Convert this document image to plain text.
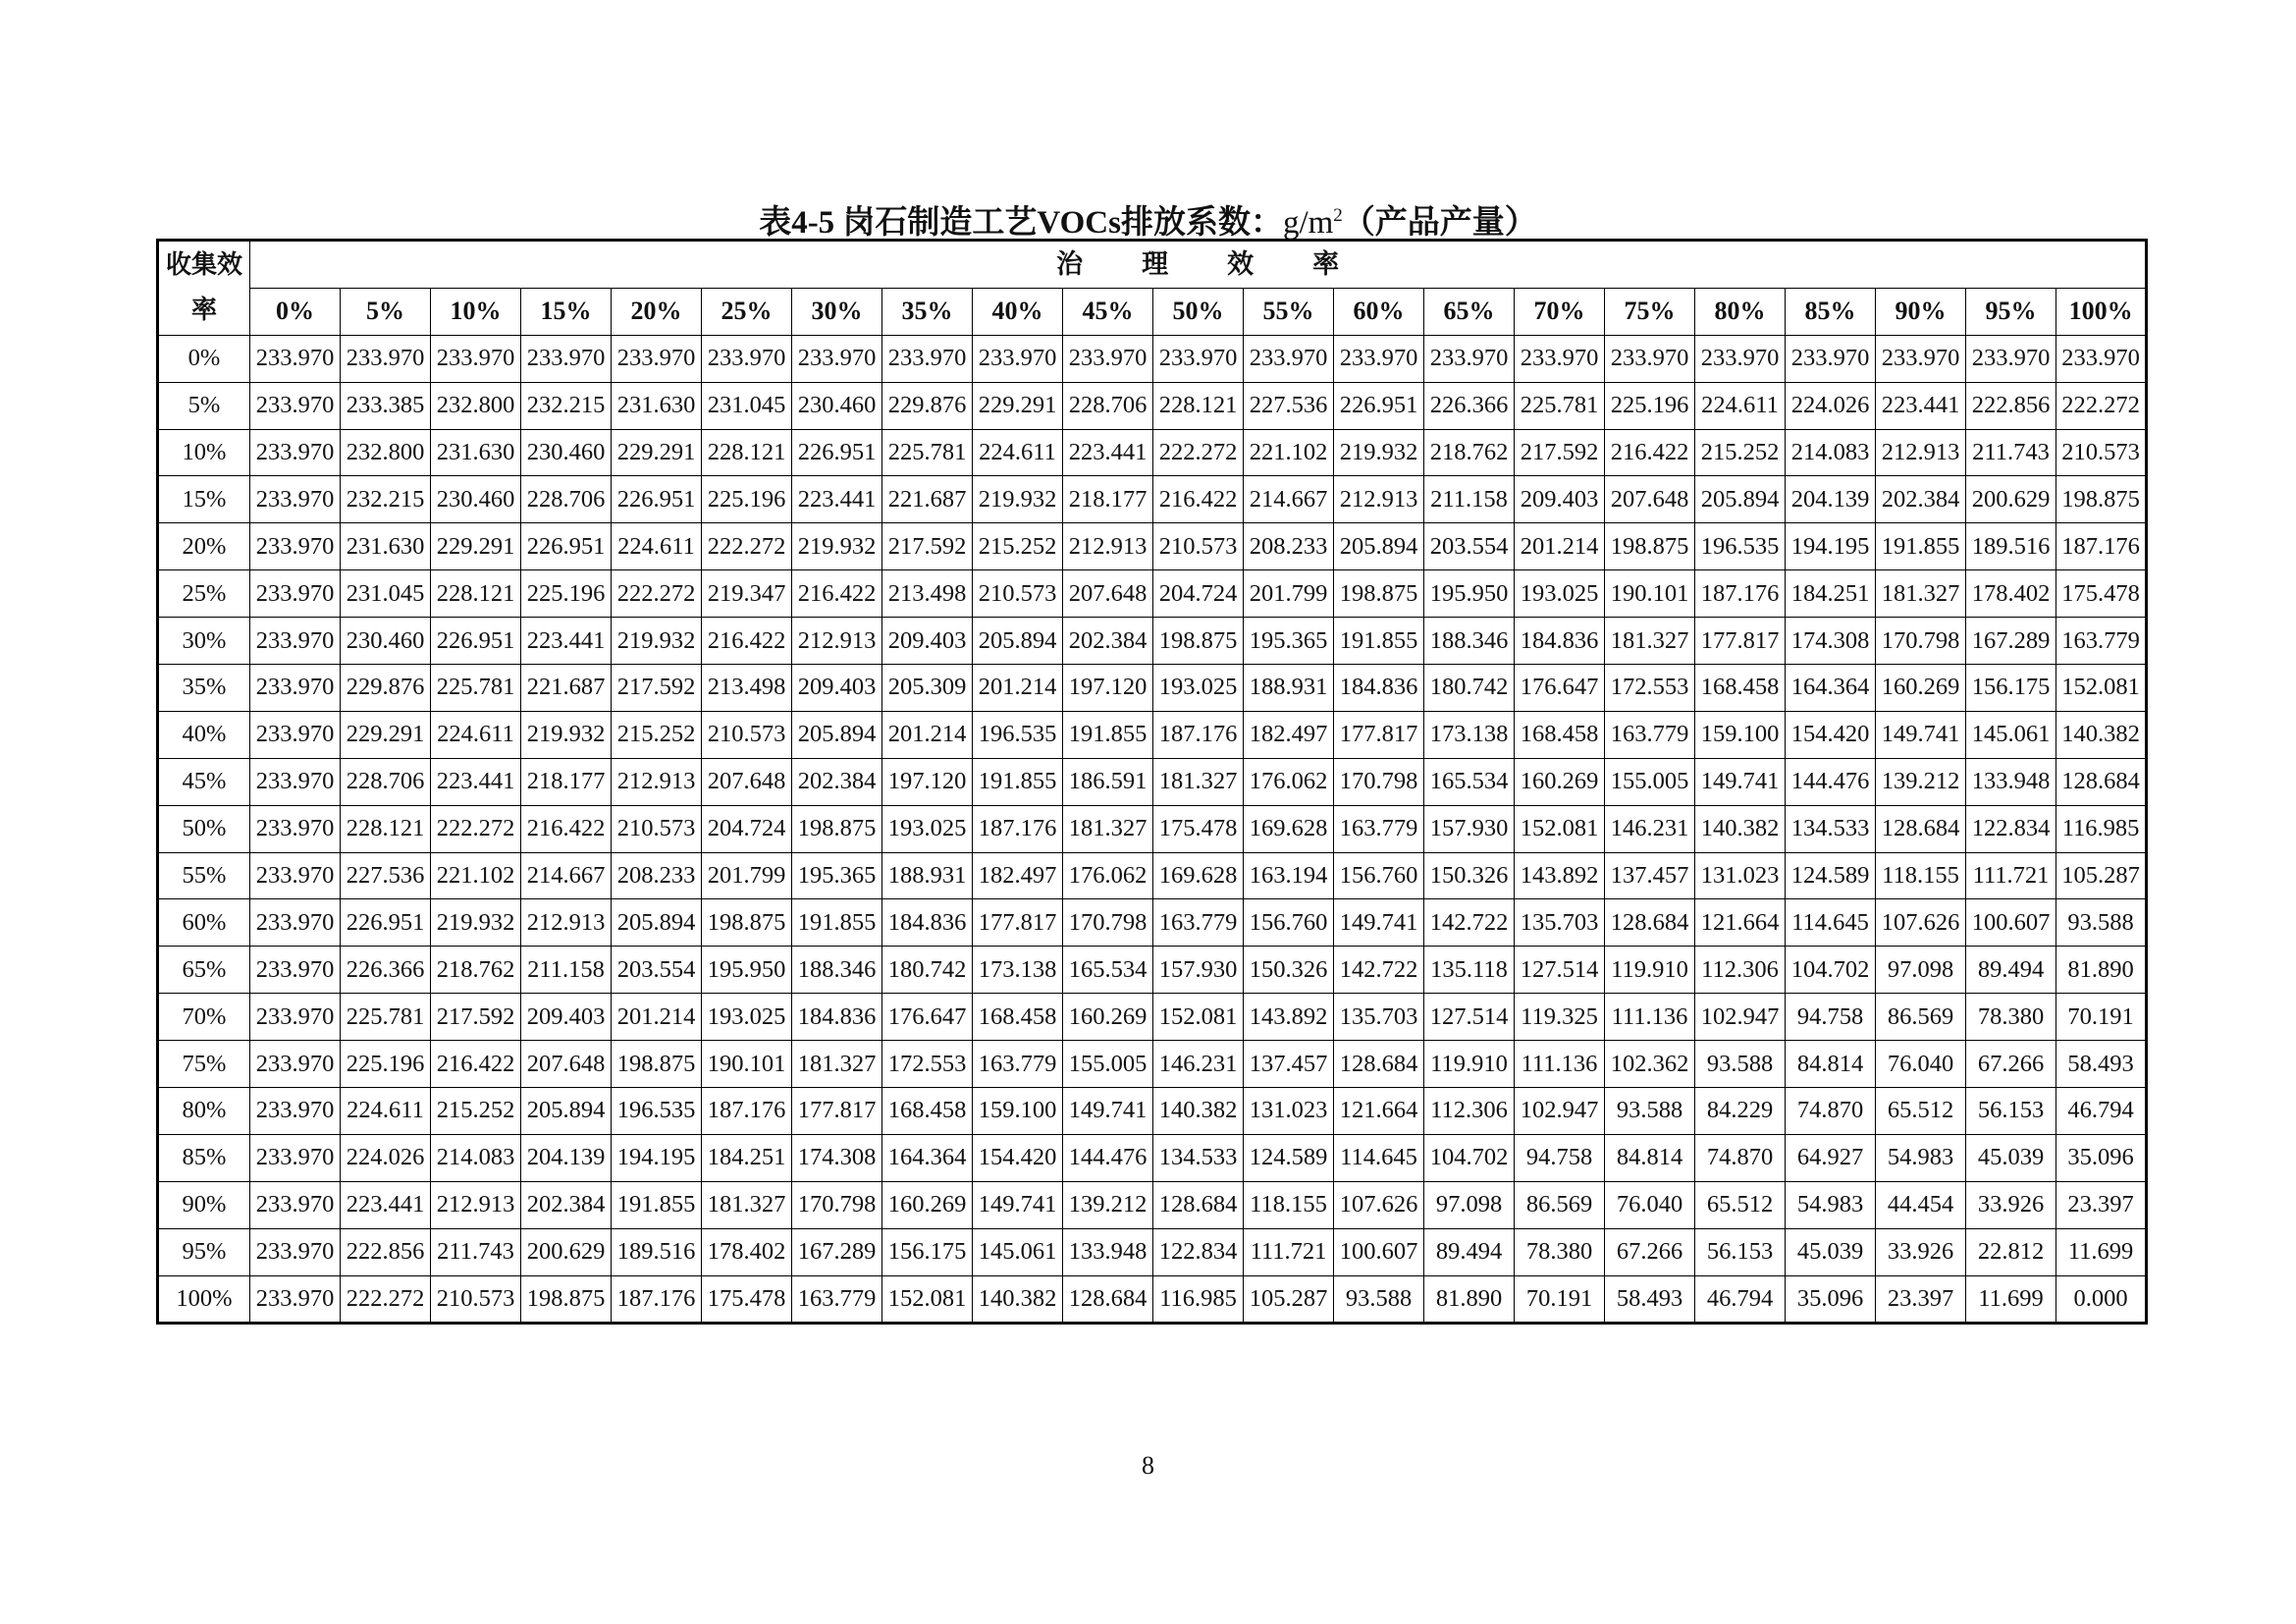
表4-5 岗石制造工艺VOCs排放系数：$g/m^2$（产品产量）
收集效率	治理效率																				
	0%	5%	10%	15%	20%	25%	30%	35%	40%	45%	50%	55%	60%	65%	70%	75%	80%	85%	90%	95%	100%
0%	233.970	233.970	233.970	233.970	233.970	233.970	233.970	233.970	233.970	233.970	233.970	233.970	233.970	233.970	233.970	233.970	233.970	233.970	233.970	233.970	233.970
5%	233.970	233.385	232.800	232.215	231.630	231.045	230.460	229.876	229.291	228.706	228.121	227.536	226.951	226.366	225.781	225.196	224.611	224.026	223.441	222.856	222.272
10%	233.970	232.800	231.630	230.460	229.291	228.121	226.951	225.781	224.611	223.441	222.272	221.102	219.932	218.762	217.592	216.422	215.252	214.083	212.913	211.743	210.573
15%	233.970	232.215	230.460	228.706	226.951	225.196	223.441	221.687	219.932	218.177	216.422	214.667	212.913	211.158	209.403	207.648	205.894	204.139	202.384	200.629	198.875
20%	233.970	231.630	229.291	226.951	224.611	222.272	219.932	217.592	215.252	212.913	210.573	208.233	205.894	203.554	201.214	198.875	196.535	194.195	191.855	189.516	187.176
25%	233.970	231.045	228.121	225.196	222.272	219.347	216.422	213.498	210.573	207.648	204.724	201.799	198.875	195.950	193.025	190.101	187.176	184.251	181.327	178.402	175.478
30%	233.970	230.460	226.951	223.441	219.932	216.422	212.913	209.403	205.894	202.384	198.875	195.365	191.855	188.346	184.836	181.327	177.817	174.308	170.798	167.289	163.779
35%	233.970	229.876	225.781	221.687	217.592	213.498	209.403	205.309	201.214	197.120	193.025	188.931	184.836	180.742	176.647	172.553	168.458	164.364	160.269	156.175	152.081
40%	233.970	229.291	224.611	219.932	215.252	210.573	205.894	201.214	196.535	191.855	187.176	182.497	177.817	173.138	168.458	163.779	159.100	154.420	149.741	145.061	140.382
45%	233.970	228.706	223.441	218.177	212.913	207.648	202.384	197.120	191.855	186.591	181.327	176.062	170.798	165.534	160.269	155.005	149.741	144.476	139.212	133.948	128.684
50%	233.970	228.121	222.272	216.422	210.573	204.724	198.875	193.025	187.176	181.327	175.478	169.628	163.779	157.930	152.081	146.231	140.382	134.533	128.684	122.834	116.985
55%	233.970	227.536	221.102	214.667	208.233	201.799	195.365	188.931	182.497	176.062	169.628	163.194	156.760	150.326	143.892	137.457	131.023	124.589	118.155	111.721	105.287
60%	233.970	226.951	219.932	212.913	205.894	198.875	191.855	184.836	177.817	170.798	163.779	156.760	149.741	142.722	135.703	128.684	121.664	114.645	107.626	100.607	93.588
65%	233.970	226.366	218.762	211.158	203.554	195.950	188.346	180.742	173.138	165.534	157.930	150.326	142.722	135.118	127.514	119.910	112.306	104.702	97.098	89.494	81.890
70%	233.970	225.781	217.592	209.403	201.214	193.025	184.836	176.647	168.458	160.269	152.081	143.892	135.703	127.514	119.325	111.136	102.947	94.758	86.569	78.380	70.191
75%	233.970	225.196	216.422	207.648	198.875	190.101	181.327	172.553	163.779	155.005	146.231	137.457	128.684	119.910	111.136	102.362	93.588	84.814	76.040	67.266	58.493
80%	233.970	224.611	215.252	205.894	196.535	187.176	177.817	168.458	159.100	149.741	140.382	131.023	121.664	112.306	102.947	93.588	84.229	74.870	65.512	56.153	46.794
85%	233.970	224.026	214.083	204.139	194.195	184.251	174.308	164.364	154.420	144.476	134.533	124.589	114.645	104.702	94.758	84.814	74.870	64.927	54.983	45.039	35.096
90%	233.970	223.441	212.913	202.384	191.855	181.327	170.798	160.269	149.741	139.212	128.684	118.155	107.626	97.098	86.569	76.040	65.512	54.983	44.454	33.926	23.397
95%	233.970	222.856	211.743	200.629	189.516	178.402	167.289	156.175	145.061	133.948	122.834	111.721	100.607	89.494	78.380	67.266	56.153	45.039	33.926	22.812	11.699
100%	233.970	222.272	210.573	198.875	187.176	175.478	163.779	152.081	140.382	128.684	116.985	105.287	93.588	81.890	70.191	58.493	46.794	35.096	23.397	11.699	0.000
8
